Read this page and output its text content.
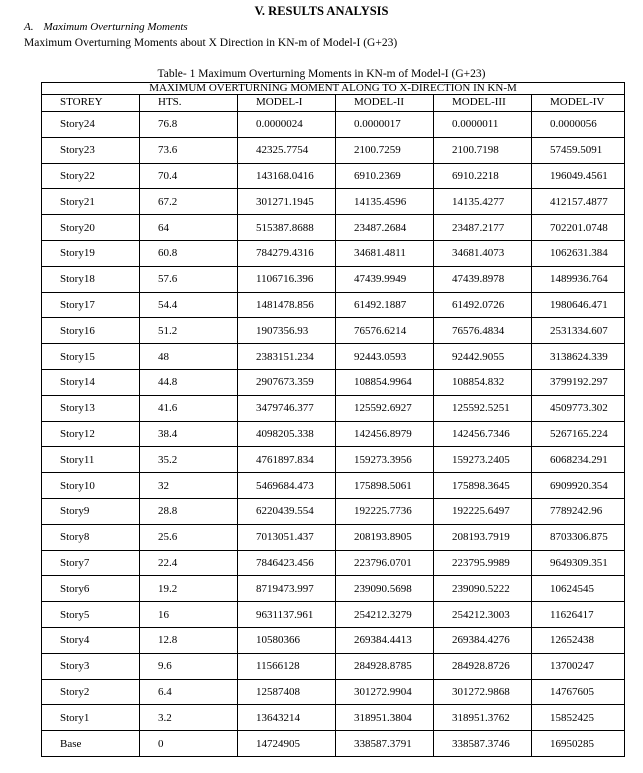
V. RESULTS ANALYSIS
A. Maximum Overturning Moments
Maximum Overturning Moments about X Direction in KN-m of Model-I (G+23)
Table- 1 Maximum Overturning Moments in KN-m of Model-I (G+23)
MAXIMUM OVERTURNING MOMENT ALONG TO X-DIRECTION IN KN-M					
STOREY	HTS.	MODEL-I	MODEL-II	MODEL-III	MODEL-IV
Story24	76.8	0.0000024	0.0000017	0.0000011	0.0000056
Story23	73.6	42325.7754	2100.7259	2100.7198	57459.5091
Story22	70.4	143168.0416	6910.2369	6910.2218	196049.4561
Story21	67.2	301271.1945	14135.4596	14135.4277	412157.4877
Story20	64	515387.8688	23487.2684	23487.2177	702201.0748
Story19	60.8	784279.4316	34681.4811	34681.4073	1062631.384
Story18	57.6	1106716.396	47439.9949	47439.8978	1489936.764
Story17	54.4	1481478.856	61492.1887	61492.0726	1980646.471
Story16	51.2	1907356.93	76576.6214	76576.4834	2531334.607
Story15	48	2383151.234	92443.0593	92442.9055	3138624.339
Story14	44.8	2907673.359	108854.9964	108854.832	3799192.297
Story13	41.6	3479746.377	125592.6927	125592.5251	4509773.302
Story12	38.4	4098205.338	142456.8979	142456.7346	5267165.224
Story11	35.2	4761897.834	159273.3956	159273.2405	6068234.291
Story10	32	5469684.473	175898.5061	175898.3645	6909920.354
Story9	28.8	6220439.554	192225.7736	192225.6497	7789242.96
Story8	25.6	7013051.437	208193.8905	208193.7919	8703306.875
Story7	22.4	7846423.456	223796.0701	223795.9989	9649309.351
Story6	19.2	8719473.997	239090.5698	239090.5222	10624545
Story5	16	9631137.961	254212.3279	254212.3003	11626417
Story4	12.8	10580366	269384.4413	269384.4276	12652438
Story3	9.6	11566128	284928.8785	284928.8726	13700247
Story2	6.4	12587408	301272.9904	301272.9868	14767605
Story1	3.2	13643214	318951.3804	318951.3762	15852425
Base	0	14724905	338587.3791	338587.3746	16950285
